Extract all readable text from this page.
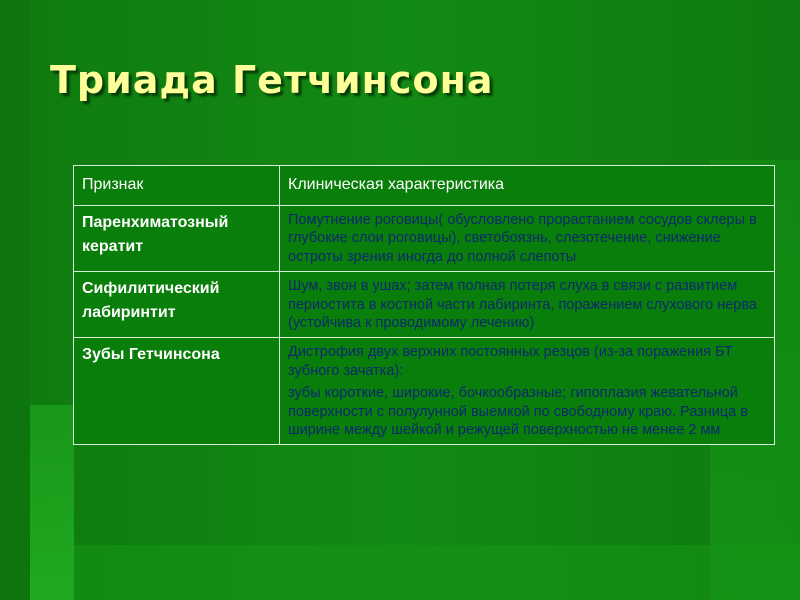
Триада Гетчинсона
Признак	Клиническая характеристика
Паренхиматозный кератит	Помутнение роговицы( обусловлено прорастанием сосудов склеры в глубокие слои роговицы), светобоязнь, слезотечение, снижение остроты зрения иногда до полной слепоты

Сифилитический лабиринтит	Шум, звон в ушах; затем полная потеря слуха в связи с развитием периостита в костной части лабиринта, поражением слухового нерва (устойчива к проводимому лечению)

Зубы Гетчинсона	Дистрофия двух верхних постоянных резцов (из-за поражения БТ зубного зачатка):

зубы короткие, широкие, бочкообразные; гипоплазия жевательной поверхности с полулунной выемкой по свободному краю. Разница в ширине между шейкой и режущей поверхностью не менее 2 мм
